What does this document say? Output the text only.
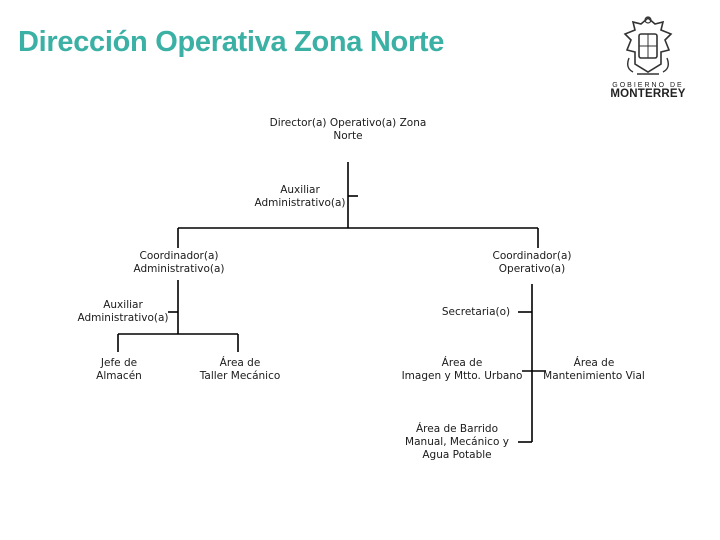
Dirección Operativa Zona Norte
GOBIERNO DE
MONTERREY
Director(a) Operativo(a) Zona
Norte
Auxiliar
Administrativo(a)
Coordinador(a)
Administrativo(a)
Coordinador(a)
Operativo(a)
Auxiliar
Administrativo(a)	Secretaria(o)
Jefe de
Almacén
Área de
Taller Mecánico
Área de
Imagen y Mtto. Urbano
Área de
Mantenimiento Vial
Área de Barrido
Manual, Mecánico y
Agua Potable
